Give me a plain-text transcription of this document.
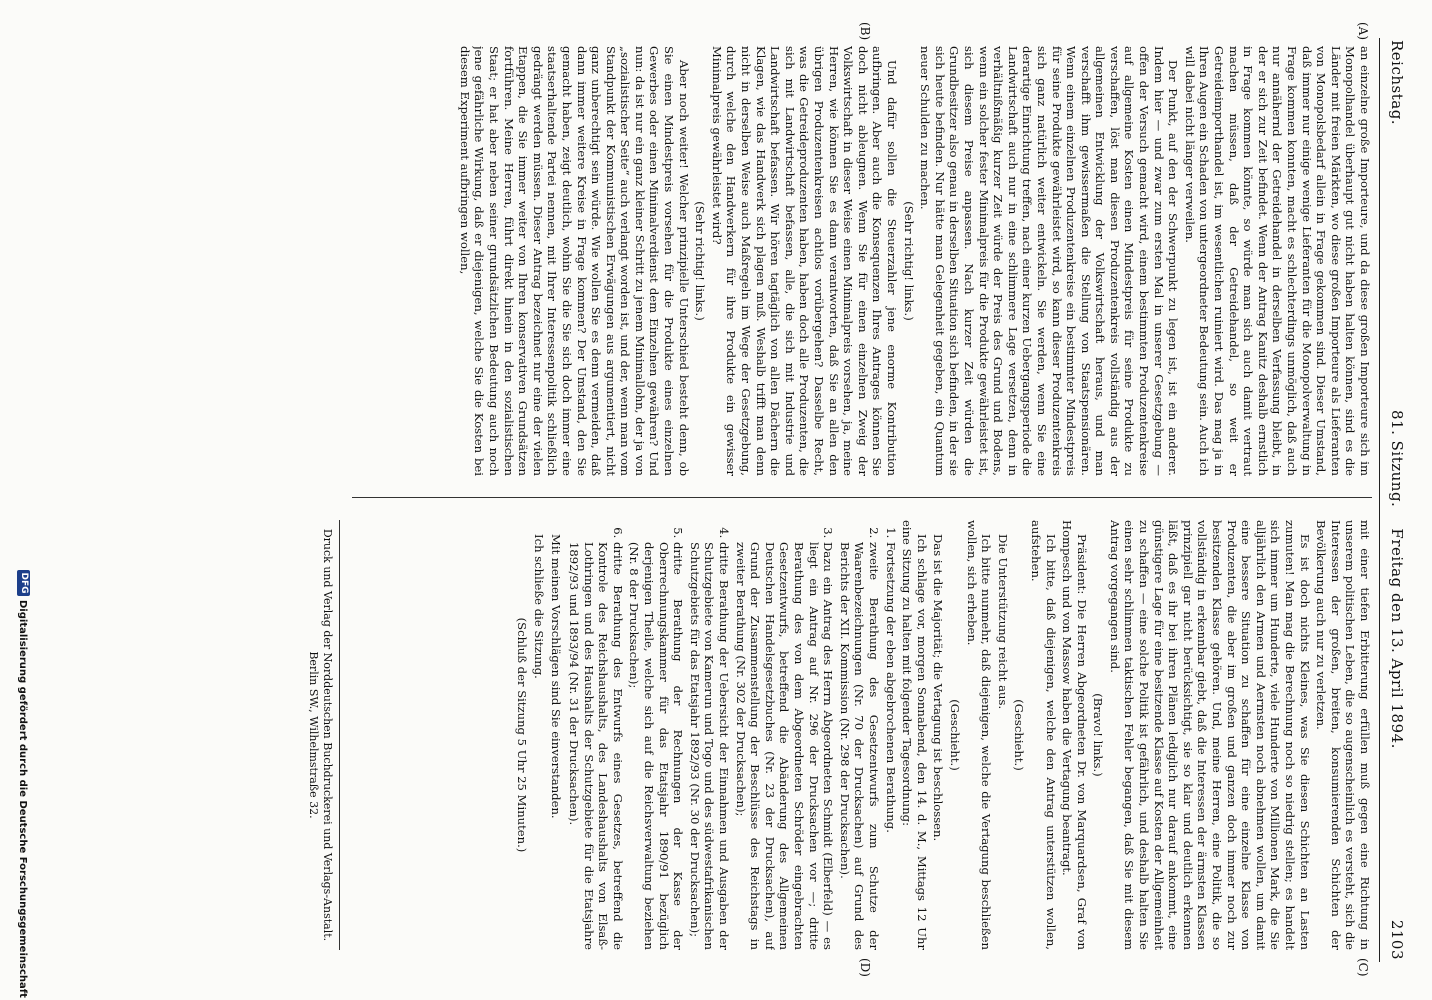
Reichstag.
81. Sitzung.    Freitag den 13. April 1894.
2103
(A)
(B)
(C)
(D)

an einzelne große Importeure, und da diese großen Importeure sich im Monopolhandel überhaupt gut nicht haben halten können, sind es die Länder mit freien Märkten, wo diese großen Importeure als Lieferanten von Monopolsbedarf allein in Frage gekommen sind. Dieser Umstand, daß immer nur einige wenige Lieferanten für die Monopolverwaltung in Frage kommen konnten, macht es schlechterdings unmöglich, daß auch nur annähernd der Getreidehandel in derselben Verfassung bleibt, in der er sich zur Zeit befindet. Wenn der Antrag Kanitz deshalb ernstlich in Frage kommen könnte, so würde man sich auch damit vertraut machen müssen, daß der Getreidehandel, so weit er Getreideimporthandel ist, im wesentlichen ruiniert wird. Das mag ja in Ihren Augen ein Schaden von untergeordneter Bedeutung sein. Auch ich will dabei nicht länger verweilen.

Der Punkt, auf den der Schwerpunkt zu legen ist, ist ein anderer. Indem hier — und zwar zum ersten Mal in unserer Gesetzgebung — offen der Versuch gemacht wird, einem bestimmten Produzentenkreise auf allgemeine Kosten einen Mindestpreis für seine Produkte zu verschaffen, löst man diesen Produzentenkreis vollständig aus der allgemeinen Entwicklung der Volkswirtschaft heraus, und man verschafft ihm gewissermaßen die Stellung von Staatspensionären. Wenn einem einzelnen Produzentenkreise ein bestimmter Mindestpreis für seine Produkte gewährleistet wird, so kann dieser Produzentenkreis sich ganz natürlich weiter entwickeln. Sie werden, wenn Sie eine derartige Einrichtung treffen, nach einer kurzen Uebergangsperiode die Landwirtschaft auch nur in eine schlimmere Lage versetzen, denn in verhältnißmäßig kurzer Zeit würde der Preis des Grund und Bodens, wenn ein solcher fester Minimalpreis für die Produkte gewährleistet ist, sich diesem Preise anpassen. Nach kurzer Zeit würden die Grundbesitzer also genau in derselben Situation sich befinden, in der sie sich heute befinden. Nur hätte man Gelegenheit gegeben, ein Quantum neuer Schulden zu machen.

(Sehr richtig! links.)

Und dafür sollen die Steuerzahler jene enorme Kontribution aufbringen. Aber auch die Konsequenzen Ihres Antrages können Sie doch nicht ableugnen. Wenn Sie für einen einzelnen Zweig der Volkswirtschaft in dieser Weise einen Minimalpreis vorsehen, ja, meine Herren, wie können Sie es dann verantworten, daß Sie an allen den übrigen Produzentenkreisen achtlos vorübergehen? Dasselbe Recht, was die Getreideproduzenten haben, haben doch alle Produzenten, die sich mit Landwirtschaft befassen, alle, die sich mit Industrie und Landwirtschaft befassen. Wir hören tagtäglich von allen Dächern die Klagen, wie das Handwerk sich plagen muß. Weshalb trifft man denn nicht in derselben Weise auch Maßregeln im Wege der Gesetzgebung, durch welche den Handwerkern für ihre Produkte ein gewisser Minimalpreis gewährleistet wird?

(Sehr richtig! links.)

Aber noch weiter! Welcher prinzipielle Unterschied besteht denn, ob Sie einen Mindestpreis vorsehen für die Produkte eines einzelnen Gewerbes oder einen Minimalverdienst dem Einzelnen gewähren? Und nun: da ist nur ein ganz kleiner Schritt zu jenem Minimallohn, der ja von „sozialistischer Seite“ auch verlangt worden ist, und der, wenn man vom Standpunkt der Kommunistischen Erwägungen aus argumentiert, nicht ganz unberechtigt sein würde. Wie wollen Sie es denn vermeiden, daß dann immer weitere Kreise in Frage kommen? Der Umstand, den Sie gemacht haben, zeigt deutlich, wohin Sie die Sie sich doch immer eine staatserhaltende Partei nennen, mit Ihrer Interessenpolitik schließlich gedrängt werden müssen. Dieser Antrag bezeichnet nur eine der vielen Etappen, die Sie immer weiter von Ihren konservativen Grundsätzen fortführen. Meine Herren, führt direkt hinein in den sozialistischen Staat; er hat aber neben seiner grundsätzlichen Bedeutung auch noch jene gefährliche Wirkung, daß er diejenigen, welche Sie die Kosten bei diesem Experiment aufbringen wollen,

mit einer tiefen Erbitterung erfüllen muß gegen eine Richtung in unserem politischen Leben, die so augenscheinlich es versteht, sich die Interessen der großen, breiten, konsumierenden Schichten der Bevölkerung auch nur zu verletzen.

Es ist doch nichts Kleines, was Sie diesen Schichten an Lasten zumuten! Man mag die Berechnung noch so niedrig stellen; es handelt sich immer um Hunderte, viele Hunderte von Millionen Mark, die Sie alljährlich den Armen und Aermsten noch abnehmen wollen, um damit eine bessere Situation zu schaffen für eine einzelne Klasse von Produzenten, die aber im großen und ganzen doch immer noch zur besitzenden Klasse gehören. Und, meine Herren, eine Politik, die so vollständig in erkennbar giebt, daß die Interessen der ärmsten Klassen prinzipiell gar nicht berücksichtigt, sie so klar und deutlich erkennen läßt, daß es ihr bei ihren Plänen lediglich nur darauf ankommt, eine günstigere Lage für eine besitzende Klasse auf Kosten der Allgemeinheit zu schaffen — eine solche Politik ist gefährlich, und deshalb halten Sie einen sehr schlimmen taktischen Fehler begangen, daß Sie mit diesem Antrag vorgegangen sind.

(Bravo! links.)

Präsident: Die Herren Abgeordneten Dr. von Marquardsen, Graf von Hompesch und von Massow haben die Vertagung beantragt.

Ich bitte, daß diejenigen, welche den Antrag unterstützen wollen, aufstehen.

(Geschieht.)

Die Unterstützung reicht aus.

Ich bitte nunmehr, daß diejenigen, welche die Vertagung beschließen wollen, sich erheben.

(Geschieht.)

Das ist die Majorität; die Vertagung ist beschlossen.

Ich schlage vor, morgen Sonnabend, den 14. d. M., Mittags 12 Uhr eine Sitzung zu halten mit folgender Tagesordnung:

1. Fortsetzung der eben abgebrochenen Berathung.
2. zweite Berathung des Gesetzentwurfs zum Schutze der Waarenbezeichnungen (Nr. 70 der Drucksachen) auf Grund des Berichts der XII. Kommission (Nr. 298 der Drucksachen).
3. Dazu ein Antrag des Herrn Abgeordneten Schmidt (Elberfeld) — es liegt ein Antrag auf Nr. 296 der Drucksachen vor —; dritte Berathung des von dem Abgeordneten Schröder eingebrachten Gesetzentwurfs, betreffend die Abänderung des Allgemeinen Deutschen Handelsgesetzbuches (Nr. 23 der Drucksachen), auf Grund der Zusammenstellung der Beschlüsse des Reichstags in zweiter Berathung (Nr. 302 der Drucksachen);
4. dritte Berathung der Uebersicht der Einnahmen und Ausgaben der Schutzgebiete von Kamerun und Togo und des südwestafrikanischen Schutzgebiets für das Etatsjahr 1892/93 (Nr. 30 der Drucksachen);
5. dritte Berathung der Rechnungen der Kasse der Oberrechnungskammer für das Etatsjahr 1890/91 bezüglich derjenigen Theile, welche sich auf die Reichsverwaltung beziehen (Nr. 8 der Drucksachen);
6. dritte Berathung des Entwurfs eines Gesetzes, betreffend die Kontrole des Reichshaushalts, des Landeshaushalts von Elsaß-Lothringen und des Haushalts der Schutzgebiete für die Etatsjahre 1892/93 und 1893/94 (Nr. 31 der Drucksachen).

Mit meinen Vorschlägen sind Sie einverstanden.

Ich schließe die Sitzung.

(Schluß der Sitzung 5 Uhr 25 Minuten.)

Druck und Verlag der Norddeutschen Buchdruckerei und Verlags-Anstalt.
Berlin SW., Wilhelmstraße 32.
DFG
Digitalisierung gefördert durch die Deutsche Forschungsgemeinschaft
